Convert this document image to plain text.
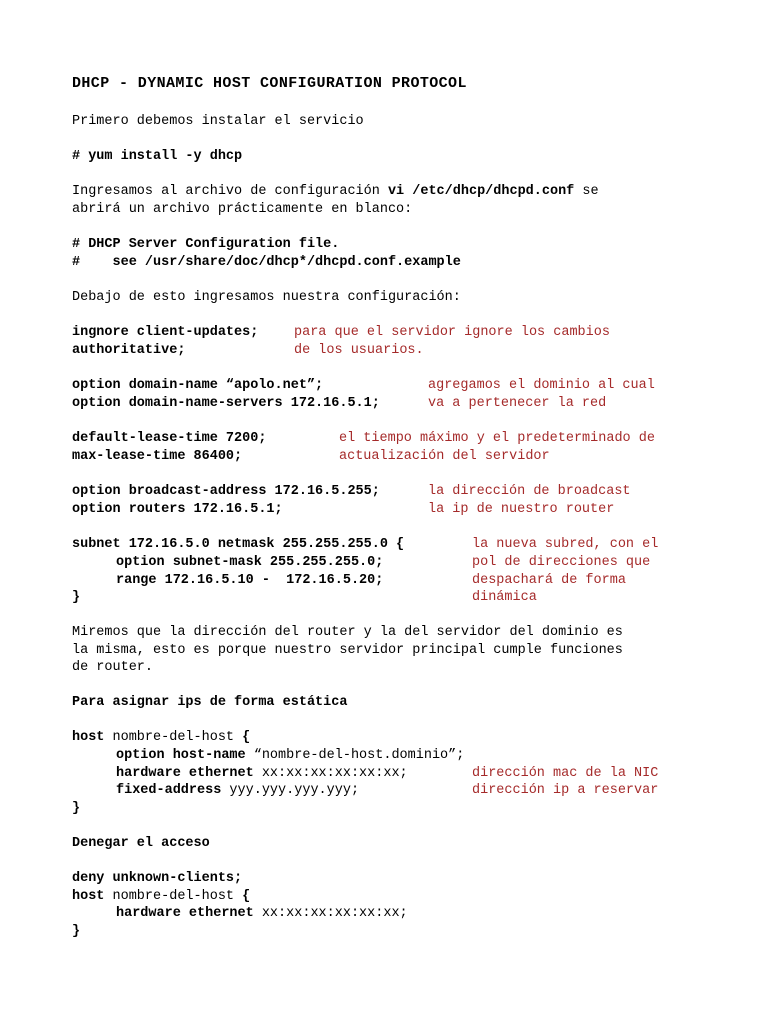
DHCP - DYNAMIC HOST CONFIGURATION PROTOCOL
Primero debemos instalar el servicio
# yum install -y dhcp
Ingresamos al archivo de configuración vi /etc/dhcp/dhcpd.conf se
abrirá un archivo prácticamente en blanco:
# DHCP Server Configuration file.
#    see /usr/share/doc/dhcp*/dhcpd.conf.example
Debajo de esto ingresamos nuestra configuración:
ingnore client-updates;	para que el servidor ignore los cambios
authoritative;	de los usuarios.
option domain-name “apolo.net”;	agregamos el dominio al cual
option domain-name-servers 172.16.5.1;	va a pertenecer la red
default-lease-time 7200;	el tiempo máximo y el predeterminado de
max-lease-time 86400;	actualización del servidor
option broadcast-address 172.16.5.255;	la dirección de broadcast
option routers 172.16.5.1;	la ip de nuestro router
subnet 172.16.5.0 netmask 255.255.255.0 {	la nueva subred, con el
option subnet-mask 255.255.255.0;	pol de direcciones que
range 172.16.5.10 -  172.16.5.20;	despachará de forma
}	dinámica
Miremos que la dirección del router y la del servidor del dominio es
la misma, esto es porque nuestro servidor principal cumple funciones
de router.
Para asignar ips de forma estática
host nombre-del-host {
option host-name “nombre-del-host.dominio”;
hardware ethernet xx:xx:xx:xx:xx:xx;	dirección mac de la NIC
fixed-address yyy.yyy.yyy.yyy;	dirección ip a reservar
}
Denegar el acceso
deny unknown-clients;
host nombre-del-host {
hardware ethernet xx:xx:xx:xx:xx:xx;
}
